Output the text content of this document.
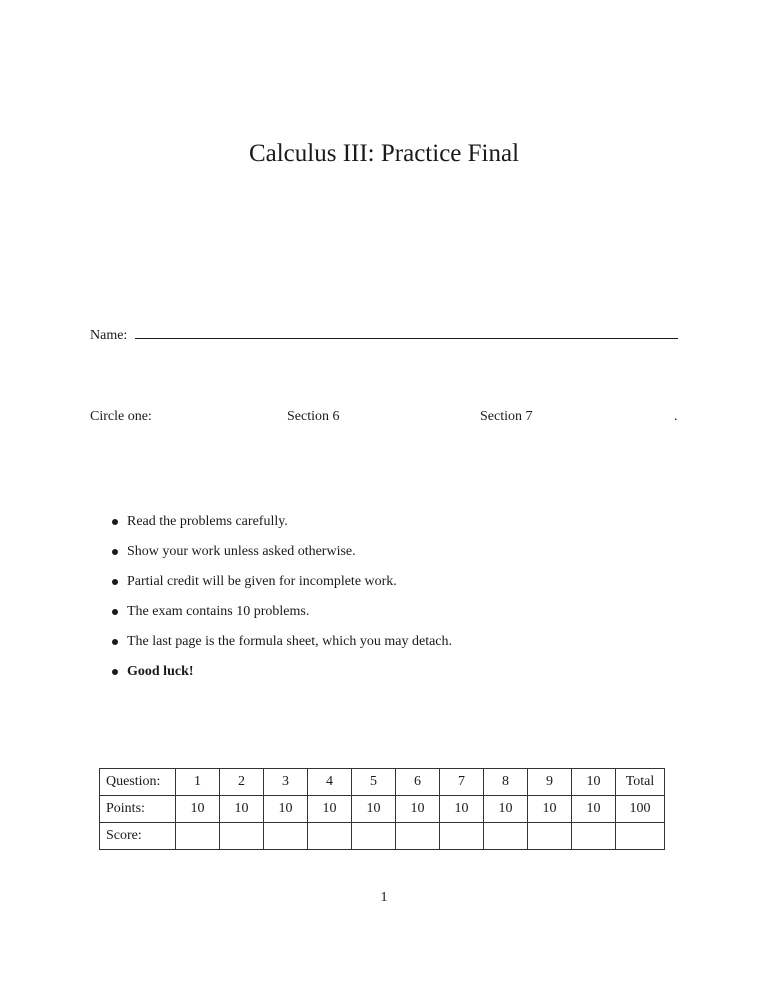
Calculus III: Practice Final
Name:
Circle one:	Section 6	Section 7	.
Read the problems carefully.
Show your work unless asked otherwise.
Partial credit will be given for incomplete work.
The exam contains 10 problems.
The last page is the formula sheet, which you may detach.
Good luck!
Question:	1	2	3	4	5	6	7	8	9	10	Total
Points:	10	10	10	10	10	10	10	10	10	10	100
Score:											
1
